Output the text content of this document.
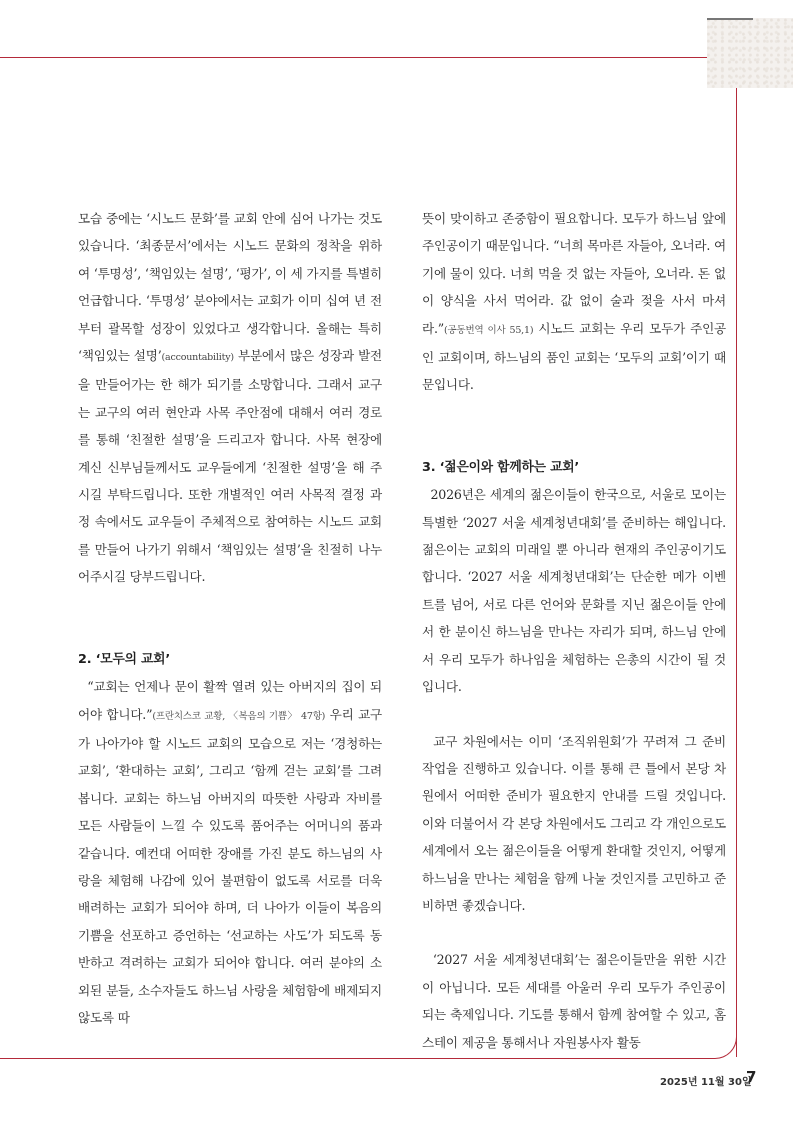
모습 중에는 ‘시노드 문화’를 교회 안에 심어 나가는 것도 있습니다. ‘최종문서’에서는 시노드 문화의 정착을 위하여 ‘투명성’, ‘책임있는 설명’, ‘평가’, 이 세 가지를 특별히 언급합니다. ‘투명성’ 분야에서는 교회가 이미 십여 년 전부터 괄목할 성장이 있었다고 생각합니다. 올해는 특히 ‘책임있는 설명’(accountability) 부분에서 많은 성장과 발전을 만들어가는 한 해가 되기를 소망합니다. 그래서 교구는 교구의 여러 현안과 사목 주안점에 대해서 여러 경로를 통해 ‘친절한 설명’을 드리고자 합니다. 사목 현장에 계신 신부님들께서도 교우들에게 ‘친절한 설명’을 해 주시길 부탁드립니다. 또한 개별적인 여러 사목적 결정 과정 속에서도 교우들이 주체적으로 참여하는 시노드 교회를 만들어 나가기 위해서 ‘책임있는 설명’을 친절히 나누어주시길 당부드립니다.

2. ‘모두의 교회’

“교회는 언제나 문이 활짝 열려 있는 아버지의 집이 되어야 합니다.”(프란치스코 교황, 〈복음의 기쁨〉 47항) 우리 교구가 나아가야 할 시노드 교회의 모습으로 저는 ‘경청하는 교회’, ‘환대하는 교회’, 그리고 ‘함께 걷는 교회’를 그려봅니다. 교회는 하느님 아버지의 따뜻한 사랑과 자비를 모든 사람들이 느낄 수 있도록 품어주는 어머니의 품과 같습니다. 예컨대 어떠한 장애를 가진 분도 하느님의 사랑을 체험해 나감에 있어 불편함이 없도록 서로를 더욱 배려하는 교회가 되어야 하며, 더 나아가 이들이 복음의 기쁨을 선포하고 증언하는 ‘선교하는 사도’가 되도록 동반하고 격려하는 교회가 되어야 합니다. 여러 분야의 소외된 분들, 소수자들도 하느님 사랑을 체험함에 배제되지 않도록 따

뜻이 맞이하고 존중함이 필요합니다. 모두가 하느님 앞에 주인공이기 때문입니다. “너희 목마른 자들아, 오너라. 여기에 물이 있다. 너희 먹을 것 없는 자들아, 오너라. 돈 없이 양식을 사서 먹어라. 값 없이 술과 젖을 사서 마셔라.”(공동번역 이사 55,1) 시노드 교회는 우리 모두가 주인공인 교회이며, 하느님의 품인 교회는 ‘모두의 교회’이기 때문입니다.

3. ‘젊은이와 함께하는 교회’

2026년은 세계의 젊은이들이 한국으로, 서울로 모이는 특별한 ‘2027 서울 세계청년대회’를 준비하는 해입니다. 젊은이는 교회의 미래일 뿐 아니라 현재의 주인공이기도 합니다. ‘2027 서울 세계청년대회’는 단순한 메가 이벤트를 넘어, 서로 다른 언어와 문화를 지닌 젊은이들 안에서 한 분이신 하느님을 만나는 자리가 되며, 하느님 안에서 우리 모두가 하나임을 체험하는 은총의 시간이 될 것입니다.

교구 차원에서는 이미 ‘조직위원회’가 꾸려져 그 준비 작업을 진행하고 있습니다. 이를 통해 큰 틀에서 본당 차원에서 어떠한 준비가 필요한지 안내를 드릴 것입니다. 이와 더불어서 각 본당 차원에서도 그리고 각 개인으로도 세계에서 오는 젊은이들을 어떻게 환대할 것인지, 어떻게 하느님을 만나는 체험을 함께 나눌 것인지를 고민하고 준비하면 좋겠습니다.

‘2027 서울 세계청년대회’는 젊은이들만을 위한 시간이 아닙니다. 모든 세대를 아울러 우리 모두가 주인공이 되는 축제입니다. 기도를 통해서 함께 참여할 수 있고, 홈스테이 제공을 통해서나 자원봉사자 활동

2025년 11월 30일
7
